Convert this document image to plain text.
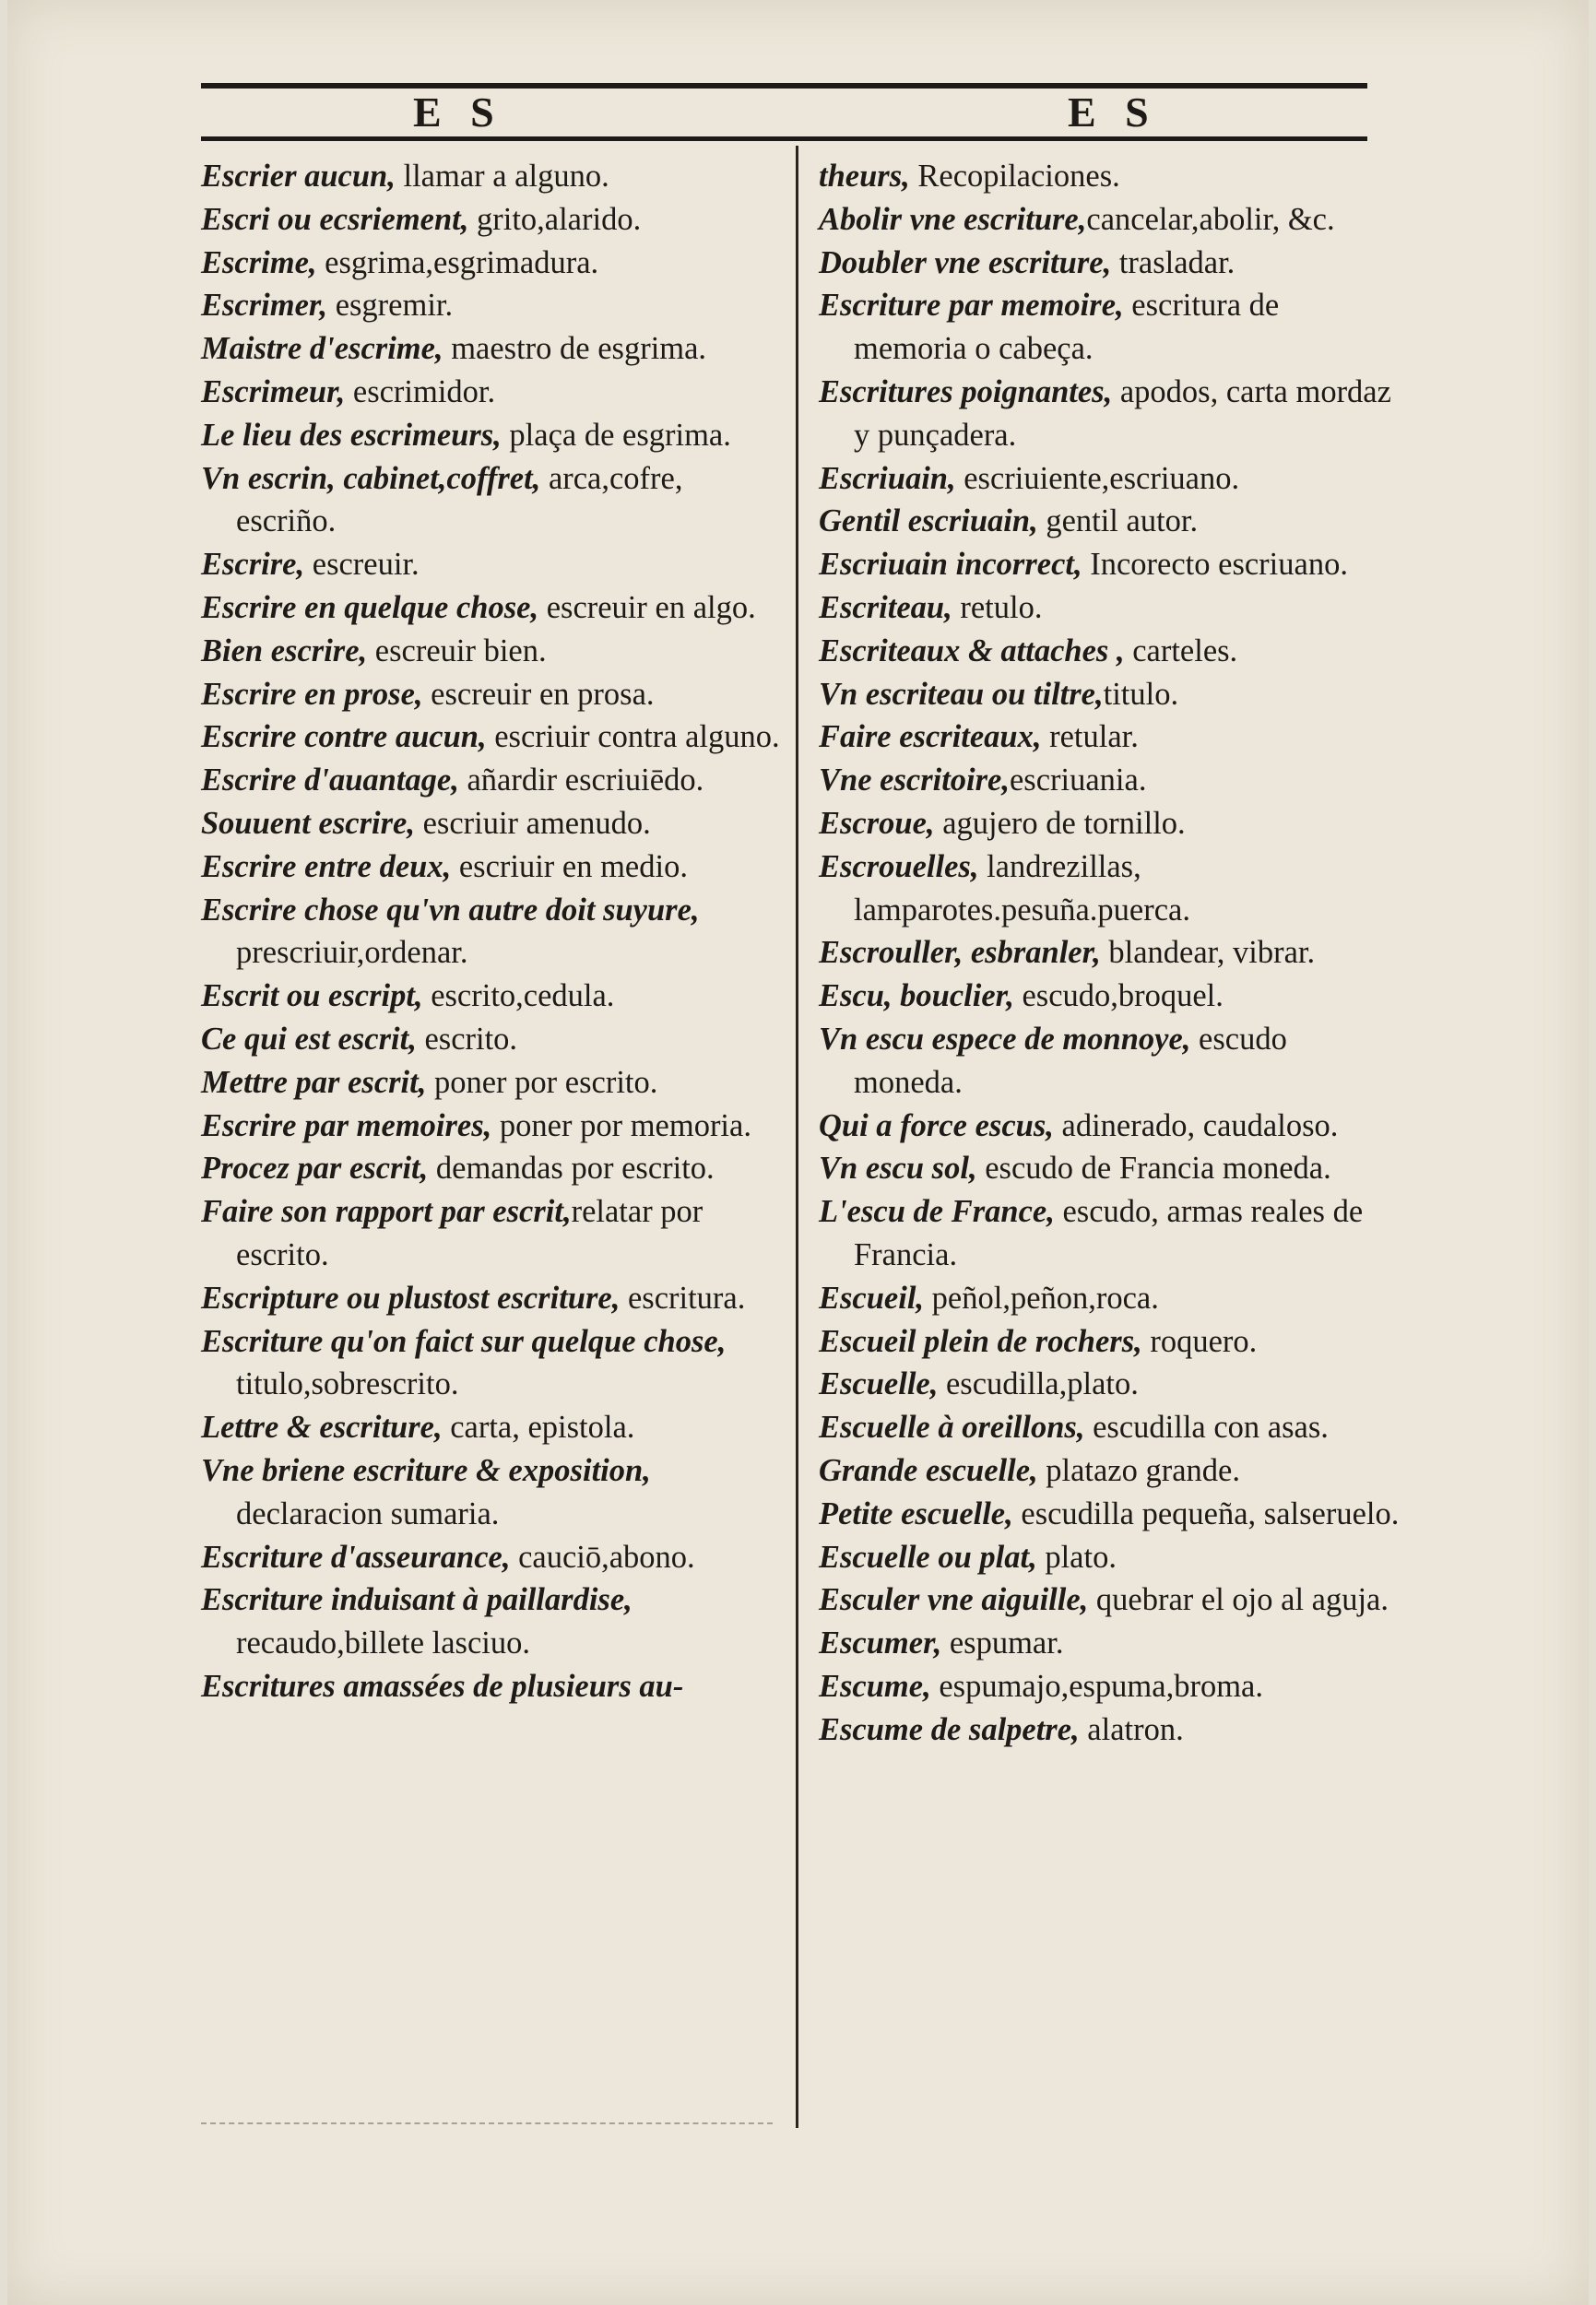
E S	E S

Escrier aucun, llamar a alguno.

Escri ou ecsriement, grito,alarido.

Escrime, esgrima,esgrimadura.

Escrimer, esgremir.

Maistre d'escrime, maestro de esgrima.

Escrimeur, escrimidor.

Le lieu des escrimeurs, plaça de esgrima.

Vn escrin, cabinet,coffret, arca,cofre, escriño.

Escrire, escreuir.

Escrire en quelque chose, escreuir en algo.

Bien escrire, escreuir bien.

Escrire en prose, escreuir en prosa.

Escrire contre aucun, escriuir contra alguno.

Escrire d'auantage, añardir escriuiēdo.

Souuent escrire, escriuir amenudo.

Escrire entre deux, escriuir en medio.

Escrire chose qu'vn autre doit suyure, prescriuir,ordenar.

Escrit ou escript, escrito,cedula.

Ce qui est escrit, escrito.

Mettre par escrit, poner por escrito.

Escrire par memoires, poner por memoria.

Procez par escrit, demandas por escrito.

Faire son rapport par escrit,relatar por escrito.

Escripture ou plustost escriture, escritura.

Escriture qu'on faict sur quelque chose, titulo,sobrescrito.

Lettre & escriture, carta, epistola.

Vne briene escriture & exposition, declaracion sumaria.

Escriture d'asseurance, cauciō,abono.

Escriture induisant à paillardise, recaudo,billete lasciuo.

Escritures amassées de plusieurs au-

theurs, Recopilaciones.

Abolir vne escriture,cancelar,abolir, &c.

Doubler vne escriture, trasladar.

Escriture par memoire, escritura de memoria o cabeça.

Escritures poignantes, apodos, carta mordaz y punçadera.

Escriuain, escriuiente,escriuano.

Gentil escriuain, gentil autor.

Escriuain incorrect, Incorecto escriuano.

Escriteau, retulo.

Escriteaux & attaches , carteles.

Vn escriteau ou tiltre,titulo.

Faire escriteaux, retular.

Vne escritoire,escriuania.

Escroue, agujero de tornillo.

Escrouelles, landrezillas, lamparotes.pesuña.puerca.

Escrouller, esbranler, blandear, vibrar.

Escu, bouclier, escudo,broquel.

Vn escu espece de monnoye, escudo moneda.

Qui a force escus, adinerado, caudaloso.

Vn escu sol, escudo de Francia moneda.

L'escu de France, escudo, armas reales de Francia.

Escueil, peñol,peñon,roca.

Escueil plein de rochers, roquero.

Escuelle, escudilla,plato.

Escuelle à oreillons, escudilla con asas.

Grande escuelle, platazo grande.

Petite escuelle, escudilla pequeña, salseruelo.

Escuelle ou plat, plato.

Esculer vne aiguille, quebrar el ojo al aguja.

Escumer, espumar.

Escume, espumajo,espuma,broma.

Escume de salpetre, alatron.
